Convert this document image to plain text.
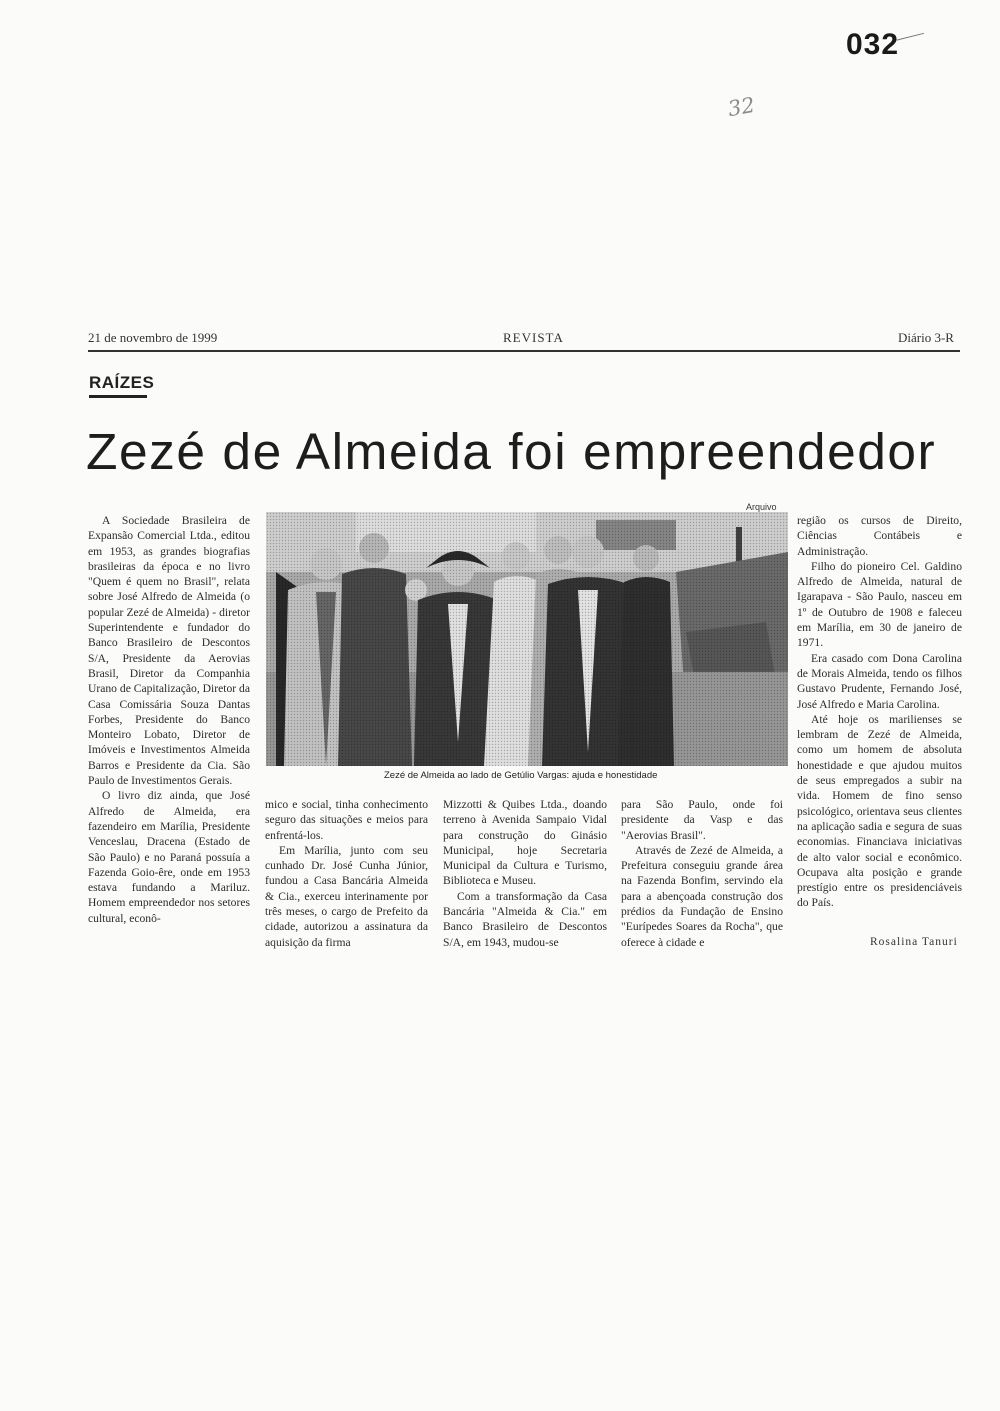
032
32
21 de novembro de 1999	REVISTA	Diário 3-R
RAÍZES
Zezé de Almeida foi empreendedor

A Sociedade Brasileira de Expansão Comercial Ltda., editou em 1953, as grandes biografias brasileiras da época e no livro "Quem é quem no Brasil", relata sobre José Alfredo de Almeida (o popular Zezé de Almeida) - diretor Superintendente e fundador do Banco Brasileiro de Descontos S/A, Presidente da Aerovias Brasil, Diretor da Companhia Urano de Capitalização, Diretor da Casa Comissária Souza Dantas Forbes, Presidente do Banco Monteiro Lobato, Diretor de Imóveis e Investimentos Almeida Barros e Presidente da Cia. São Paulo de Investimentos Gerais.

O livro diz ainda, que José Alfredo de Almeida, era fazendeiro em Marília, Presidente Venceslau, Dracena (Estado de São Paulo) e no Paraná possuía a Fazenda Goio-êre, onde em 1953 estava fundando a Mariluz. Homem empreendedor nos setores cultural, econô-

Arquivo
Zezé de Almeida ao lado de Getúlio Vargas: ajuda e honestidade

mico e social, tinha conhecimento seguro das situações e meios para enfrentá-los.

Em Marília, junto com seu cunhado Dr. José Cunha Júnior, fundou a Casa Bancária Almeida & Cia., exerceu interinamente por três meses, o cargo de Prefeito da cidade, autorizou a assinatura da aquisição da firma

Mizzotti & Quibes Ltda., doando terreno à Avenida Sampaio Vidal para construção do Ginásio Municipal, hoje Secretaria Municipal da Cultura e Turismo, Biblioteca e Museu.

Com a transformação da Casa Bancária "Almeida & Cia." em Banco Brasileiro de Descontos S/A, em 1943, mudou-se

para São Paulo, onde foi presidente da Vasp e das "Aerovias Brasil".

Através de Zezé de Almeida, a Prefeitura conseguiu grande área na Fazenda Bonfim, servindo ela para a abençoada construção dos prédios da Fundação de Ensino "Eurípedes Soares da Rocha", que oferece à cidade e

região os cursos de Direito, Ciências Contábeis e Administração.

Filho do pioneiro Cel. Galdino Alfredo de Almeida, natural de Igarapava - São Paulo, nasceu em 1º de Outubro de 1908 e faleceu em Marília, em 30 de janeiro de 1971.

Era casado com Dona Carolina de Morais Almeida, tendo os filhos Gustavo Prudente, Fernando José, José Alfredo e Maria Carolina.

Até hoje os marilienses se lembram de Zezé de Almeida, como um homem de absoluta honestidade e que ajudou muitos de seus empregados a subir na vida. Homem de fino senso psicológico, orientava seus clientes na aplicação sadia e segura de suas economias. Financiava iniciativas de alto valor social e econômico. Ocupava alta posição e grande prestígio entre os presidenciáveis do País.

Rosalina Tanuri
